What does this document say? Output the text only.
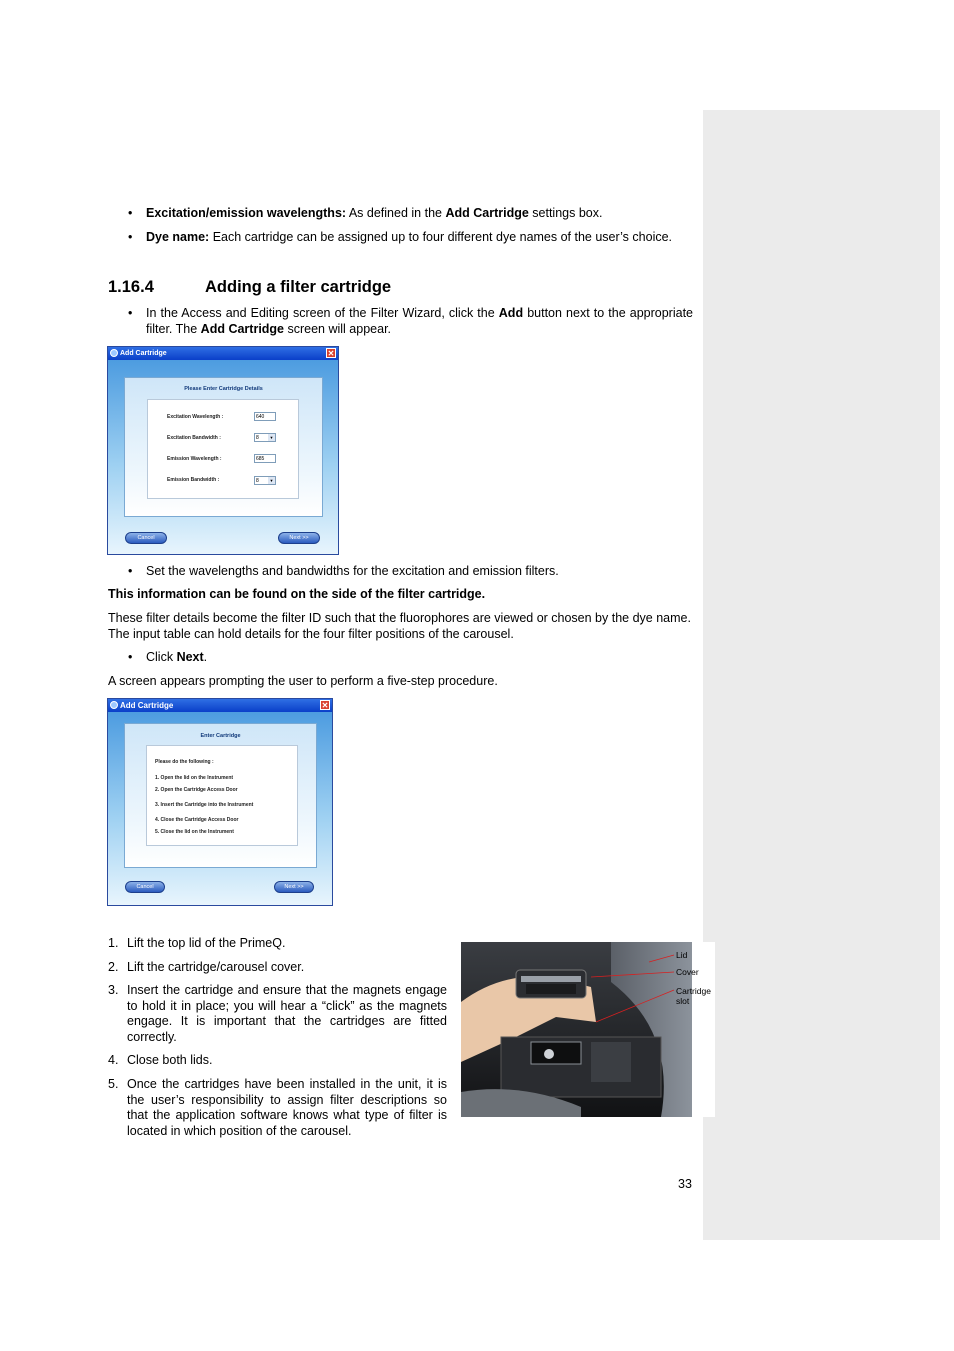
• Excitation/emission wavelengths: As defined in the Add Cartridge settings box.
• Dye name: Each cartridge can be assigned up to four different dye names of the user’s choice.
1.16.4	Adding a filter cartridge
• In the Access and Editing screen of the Filter Wizard, click the Add button next to the appropriate filter. The Add Cartridge screen will appear.
Add Cartridge	✕
Please Enter Cartridge Details
Excitation Wavelength :	640
Excitation Bandwidth :	8	▼
Emission Wavelength :	685
Emission Bandwidth :	8	▼
Cancel	Next >>
• Set the wavelengths and bandwidths for the excitation and emission filters.
This information can be found on the side of the filter cartridge.
These filter details become the filter ID such that the fluorophores are viewed or chosen by the dye name. The input table can hold details for the four filter positions of the carousel.
• Click Next.
A screen appears prompting the user to perform a five-step procedure.
Add Cartridge	✕
Enter Cartridge
Please do the following :
1. Open the lid on the Instrument
2. Open the Cartridge Access Door
3. Insert the Cartridge into the Instrument
4. Close the Cartridge Access Door
5. Close the lid on the Instrument
Cancel	Next >>
1. Lift the top lid of the PrimeQ.
2. Lift the cartridge/carousel cover.
3. Insert the cartridge and ensure that the magnets engage to hold it in place; you will hear a “click” as the magnets engage. It is important that the cartridges are fitted correctly.
4. Close both lids.
5. Once the cartridges have been installed in the unit, it is the user’s responsibility to assign filter descriptions so that the application software knows what type of filter is located in which position of the carousel.
Lid
Cover
Cartridge slot
33
